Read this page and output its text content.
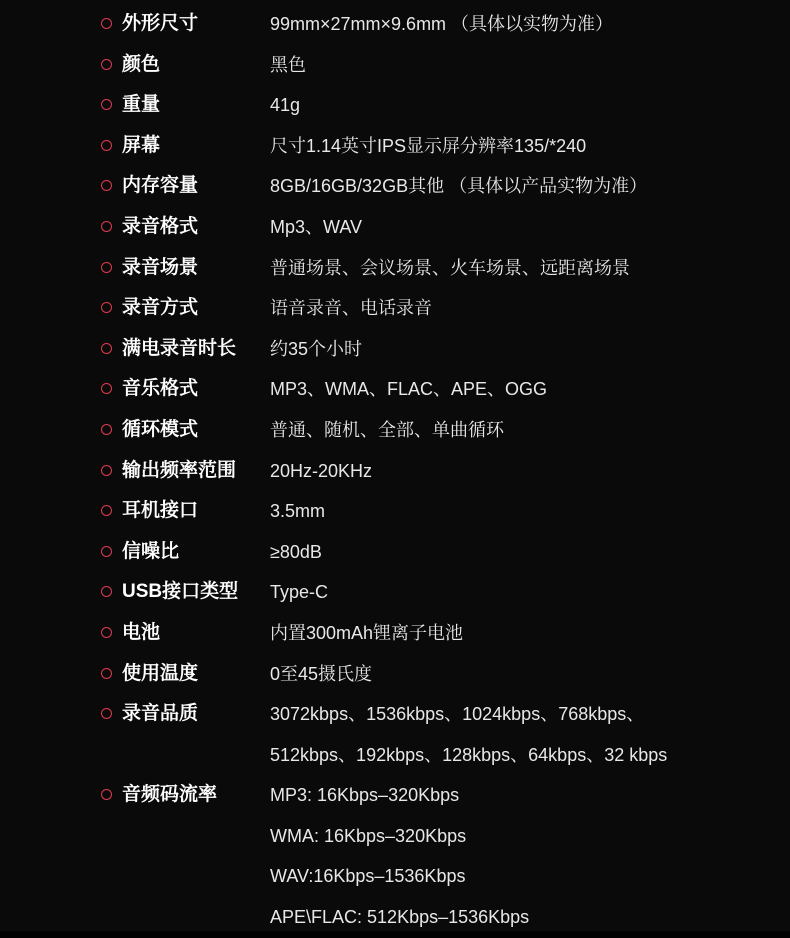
外形尺寸	99mm×27mm×9.6mm （具体以实物为准）
颜色	黑色
重量	41g
屏幕	尺寸1.14英寸IPS显示屏分辨率135/*240
内存容量	8GB/16GB/32GB其他 （具体以产品实物为准）
录音格式	Mp3、WAV
录音场景	普通场景、会议场景、火车场景、远距离场景
录音方式	语音录音、电话录音
满电录音时长	约35个小时
音乐格式	MP3、WMA、FLAC、APE、OGG
循环模式	普通、随机、全部、单曲循环
输出频率范围	20Hz-20KHz
耳机接口	3.5mm
信噪比	≥80dB
USB接口类型	Type-C
电池	内置300mAh锂离子电池
使用温度	0至45摄氏度
录音品质	3072kbps、1536kbps、1024kbps、768kbps、
512kbps、192kbps、128kbps、64kbps、32 kbps
音频码流率	MP3: 16Kbps–320Kbps
WMA: 16Kbps–320Kbps
WAV:16Kbps–1536Kbps
APE\FLAC: 512Kbps–1536Kbps
